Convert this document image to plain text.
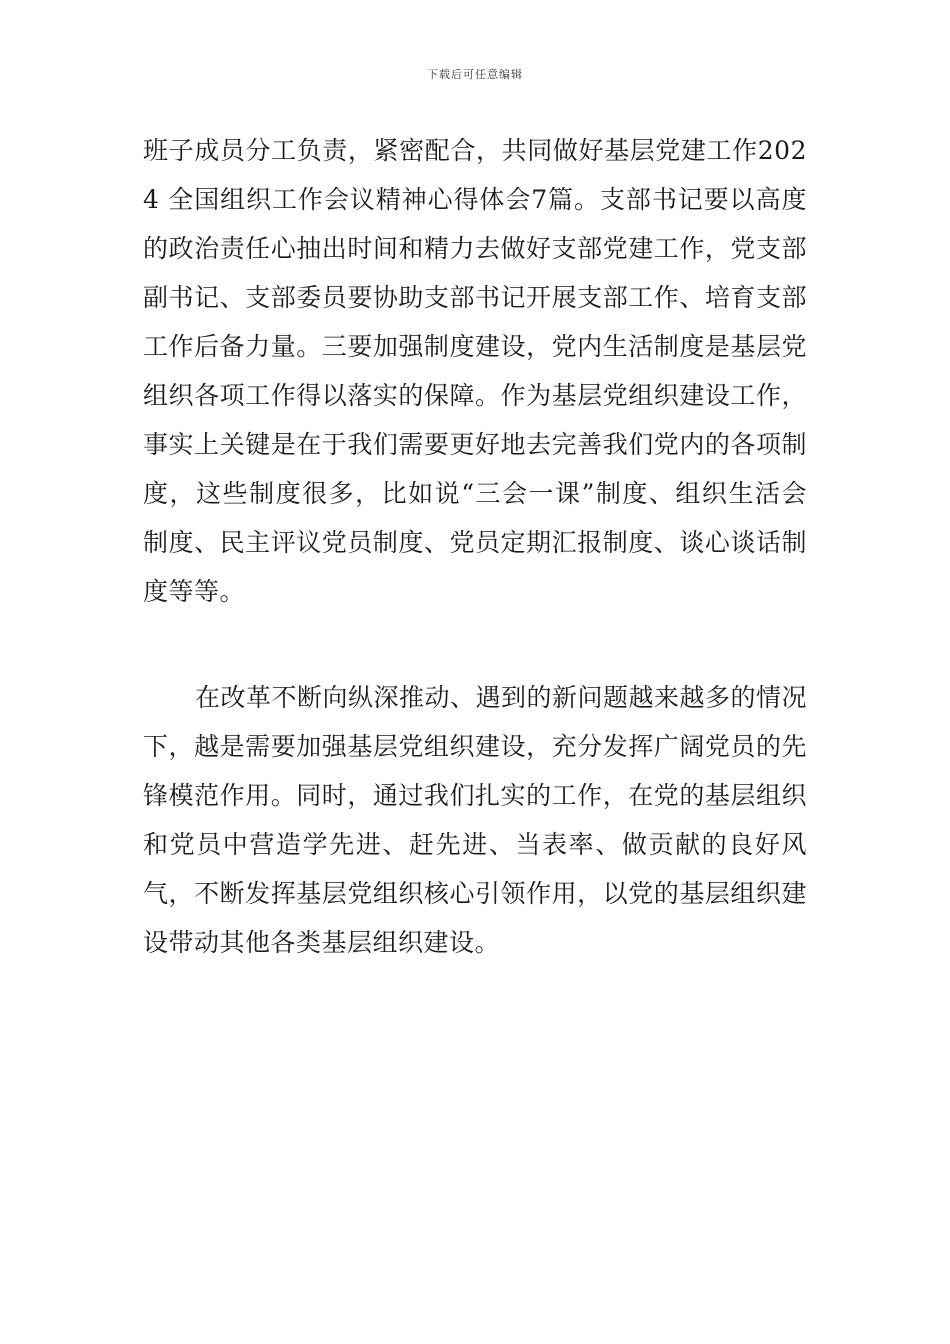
下载后可任意编辑

班子成员分工负责，紧密配合，共同做好基层党建工作2024 全国组织工作会议精神心得体会7篇。支部书记要以高度的政治责任心抽出时间和精力去做好支部党建工作，党支部副书记、支部委员要协助支部书记开展支部工作、培育支部工作后备力量。三要加强制度建设，党内生活制度是基层党组织各项工作得以落实的保障。作为基层党组织建设工作，事实上关键是在于我们需要更好地去完善我们党内的各项制度，这些制度很多，比如说“三会一课”制度、组织生活会制度、民主评议党员制度、党员定期汇报制度、谈心谈话制度等等。

在改革不断向纵深推动、遇到的新问题越来越多的情况下，越是需要加强基层党组织建设，充分发挥广阔党员的先锋模范作用。同时，通过我们扎实的工作，在党的基层组织和党员中营造学先进、赶先进、当表率、做贡献的良好风气，不断发挥基层党组织核心引领作用，以党的基层组织建设带动其他各类基层组织建设。
